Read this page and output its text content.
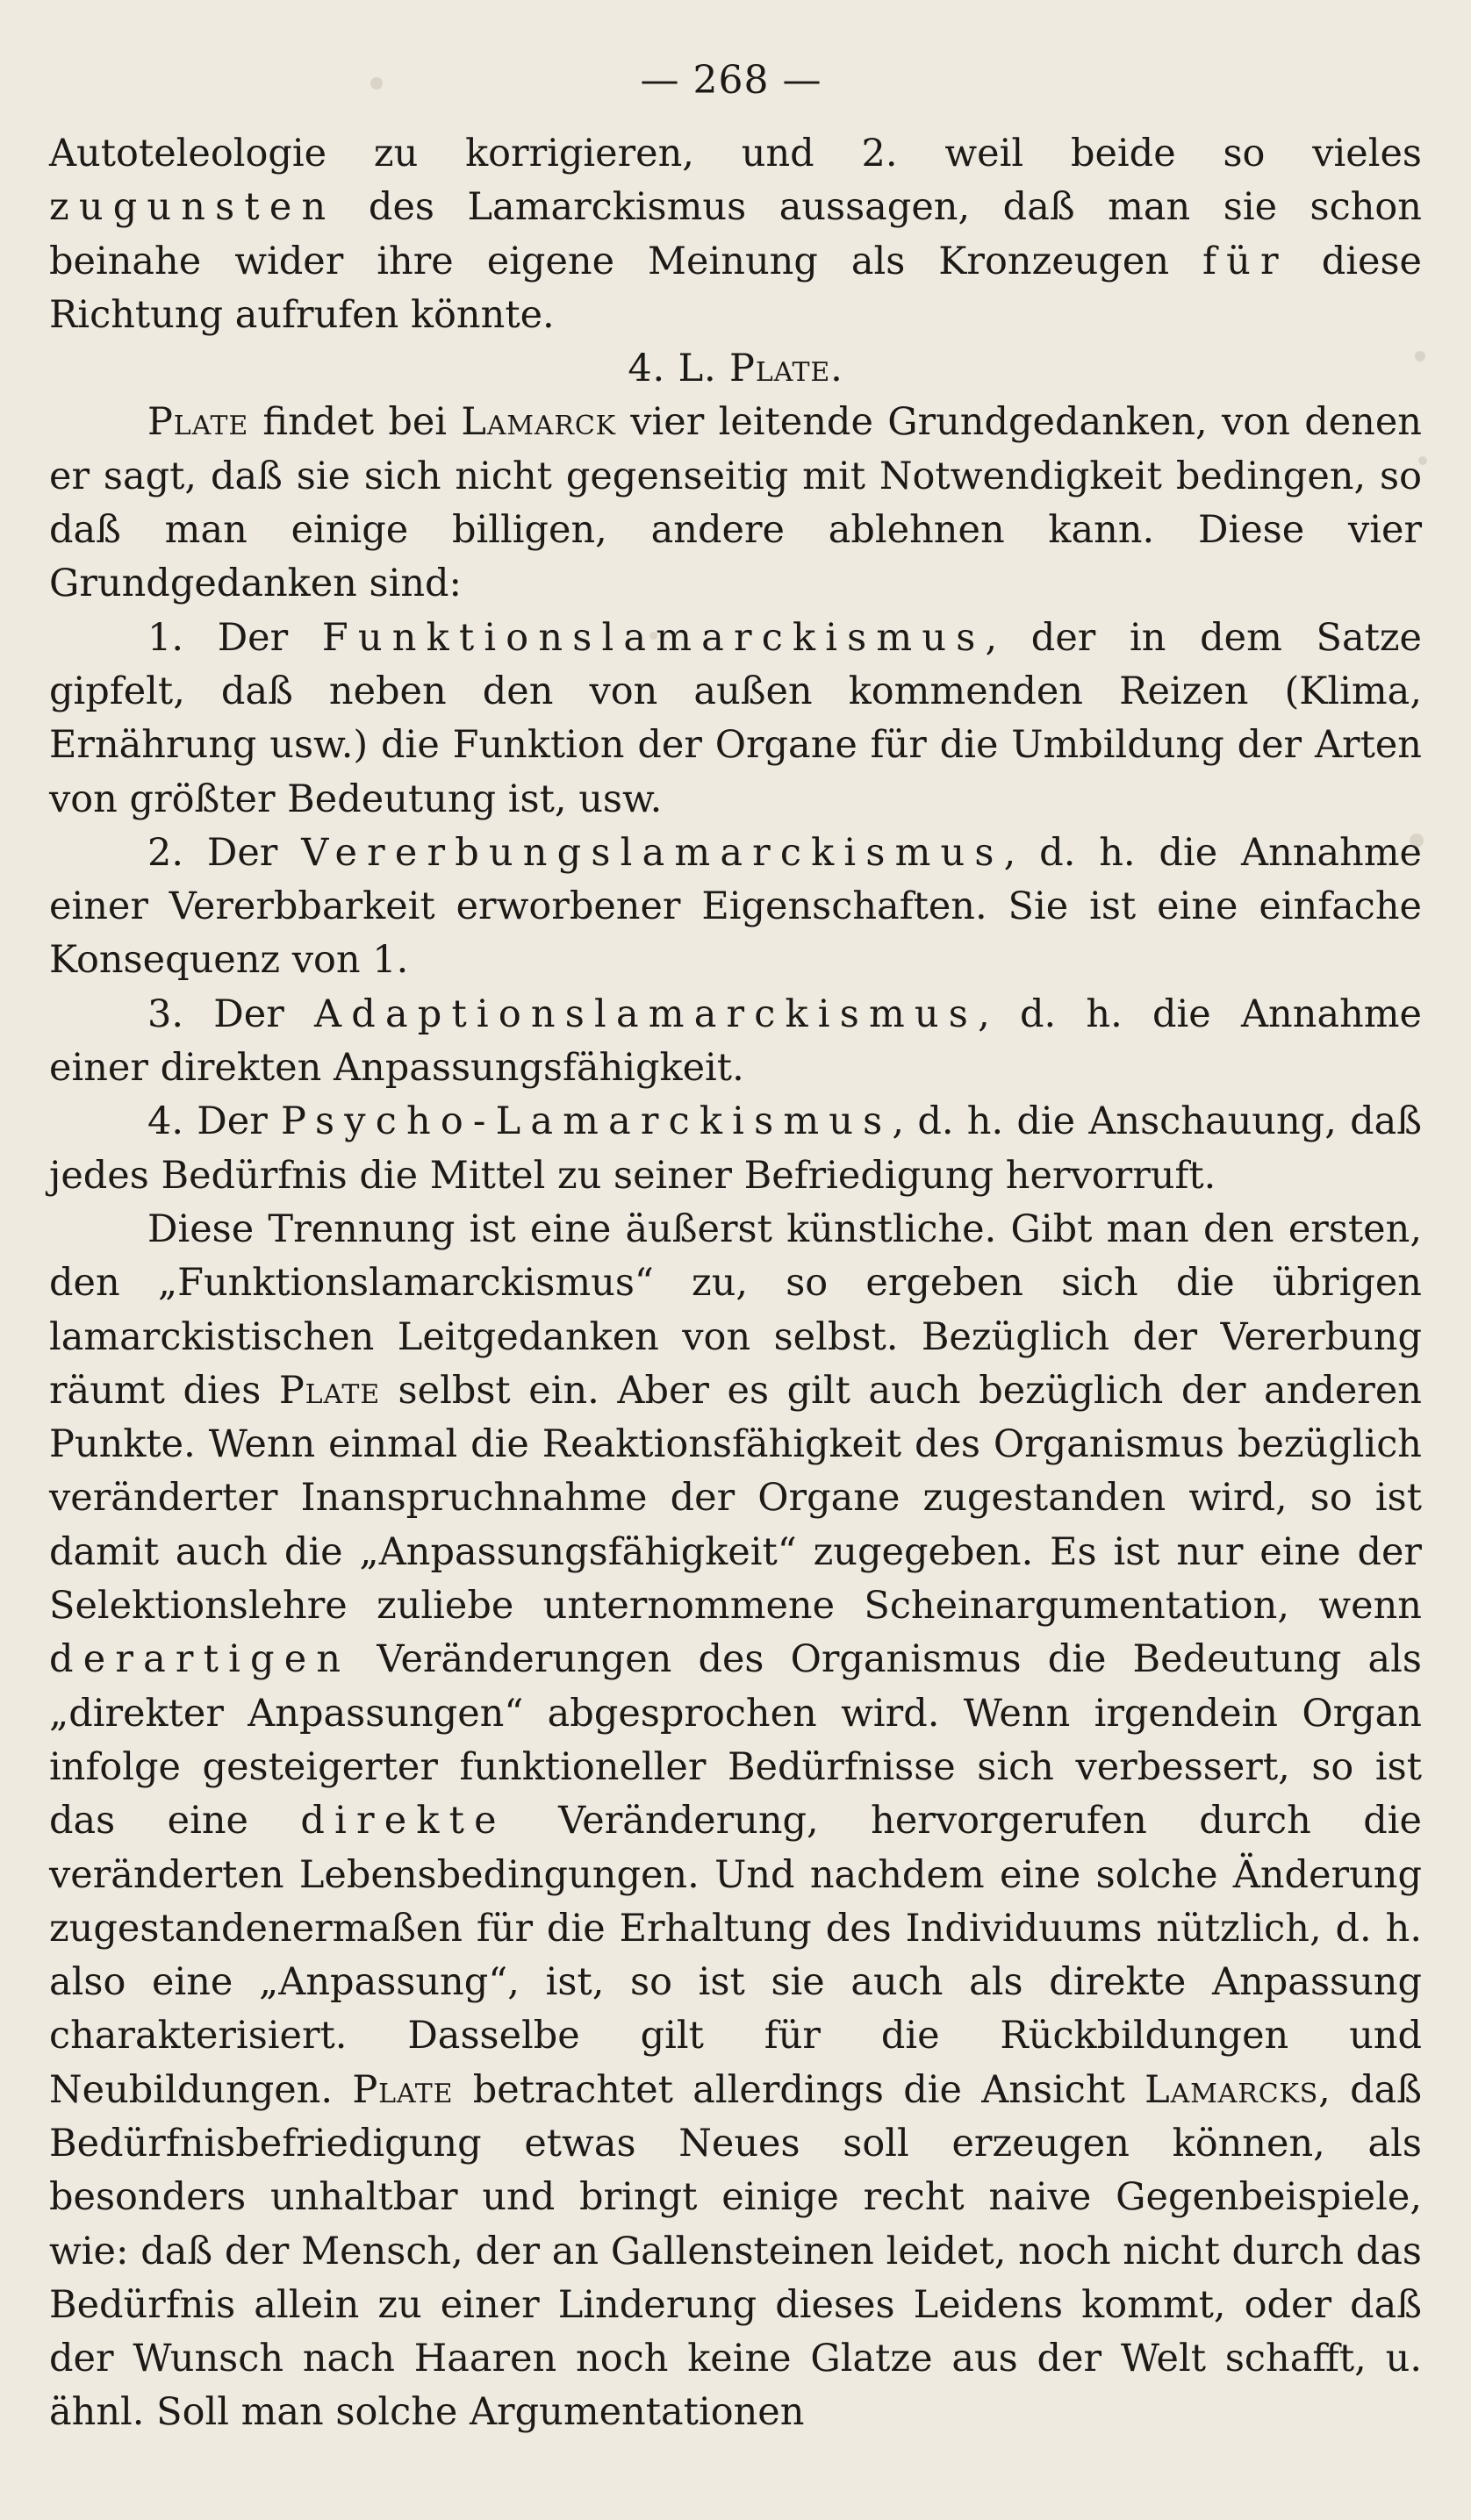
— 268 —

Autoteleologie zu korrigieren, und 2. weil beide so vieles zugunsten des Lamarckismus aussagen, daß man sie schon beinahe wider ihre eigene Meinung als Kronzeugen für diese Richtung aufrufen könnte.

4. L. Plate.

Plate findet bei Lamarck vier leitende Grundgedanken, von denen er sagt, daß sie sich nicht gegenseitig mit Notwendigkeit bedingen, so daß man einige billigen, andere ablehnen kann. Diese vier Grundgedanken sind:

1. Der Funktionslamarckismus, der in dem Satze gipfelt, daß neben den von außen kommenden Reizen (Klima, Ernährung usw.) die Funktion der Organe für die Umbildung der Arten von größter Bedeutung ist, usw.

2. Der Vererbungslamarckismus, d. h. die Annahme einer Vererbbarkeit erworbener Eigenschaften. Sie ist eine einfache Konsequenz von 1.

3. Der Adaptionslamarckismus, d. h. die Annahme einer direkten Anpassungsfähigkeit.

4. Der Psycho-Lamarckismus, d. h. die Anschauung, daß jedes Bedürfnis die Mittel zu seiner Befriedigung hervorruft.

Diese Trennung ist eine äußerst künstliche. Gibt man den ersten, den „Funktionslamarckismus“ zu, so ergeben sich die übrigen lamarckistischen Leitgedanken von selbst. Bezüglich der Vererbung räumt dies Plate selbst ein. Aber es gilt auch bezüglich der anderen Punkte. Wenn einmal die Reaktionsfähigkeit des Organismus bezüglich veränderter Inanspruchnahme der Organe zugestanden wird, so ist damit auch die „Anpassungsfähigkeit“ zugegeben. Es ist nur eine der Selektionslehre zuliebe unternommene Scheinargumentation, wenn derartigen Veränderungen des Organismus die Bedeutung als „direkter Anpassungen“ abgesprochen wird. Wenn irgendein Organ infolge gesteigerter funktioneller Bedürfnisse sich verbessert, so ist das eine direkte Veränderung, hervorgerufen durch die veränderten Lebensbedingungen. Und nachdem eine solche Änderung zugestandenermaßen für die Erhaltung des Individuums nützlich, d. h. also eine „Anpassung“, ist, so ist sie auch als direkte Anpassung charakterisiert. Dasselbe gilt für die Rückbildungen und Neubildungen. Plate betrachtet allerdings die Ansicht Lamarcks, daß Bedürfnisbefriedigung etwas Neues soll erzeugen können, als besonders unhaltbar und bringt einige recht naive Gegenbeispiele, wie: daß der Mensch, der an Gallensteinen leidet, noch nicht durch das Bedürfnis allein zu einer Linderung dieses Leidens kommt, oder daß der Wunsch nach Haaren noch keine Glatze aus der Welt schafft, u. ähnl. Soll man solche Argumentationen
